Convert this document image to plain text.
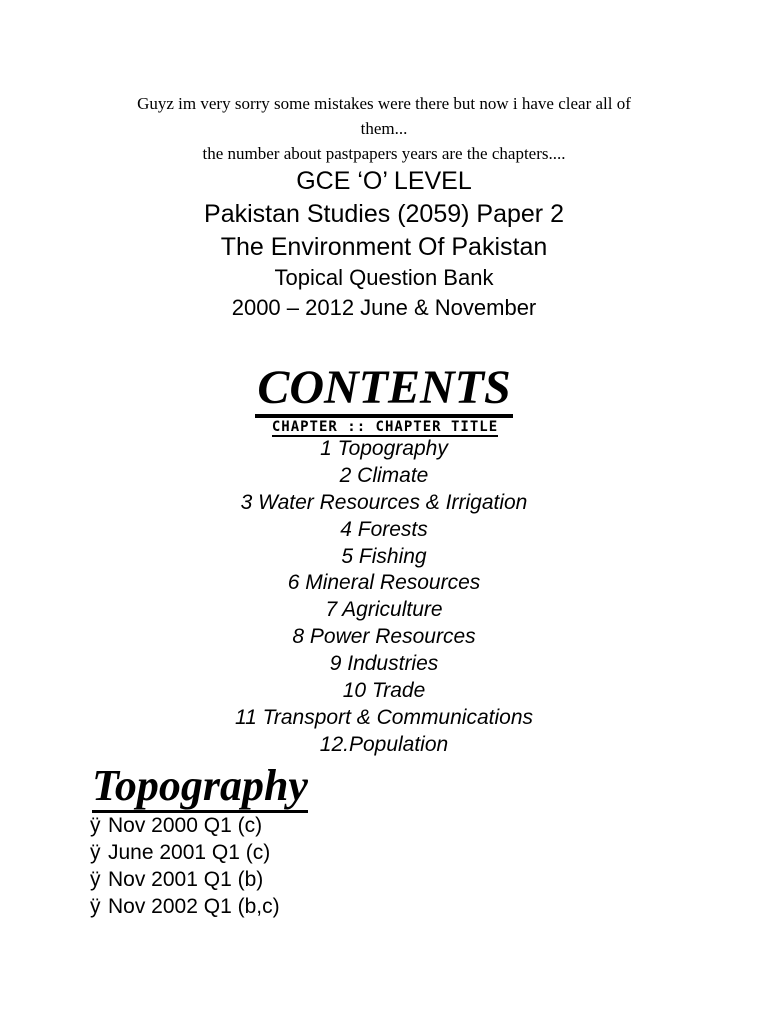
Guyz im very sorry some mistakes were there but now i have clear all of
them...
the number about pastpapers years are the chapters....
GCE ‘O’ LEVEL
Pakistan Studies (2059) Paper 2
The Environment Of Pakistan
Topical Question Bank
2000 – 2012 June & November
CONTENTS
CHAPTER :: CHAPTER TITLE
1 Topography
2 Climate
3 Water Resources & Irrigation
4 Forests
5 Fishing
6 Mineral Resources
7 Agriculture
8 Power Resources
9 Industries
10 Trade
11 Transport & Communications
12.Population
Topography
ÿ Nov 2000 Q1 (c)
ÿ June 2001 Q1 (c)
ÿ Nov 2001 Q1 (b)
ÿ Nov 2002 Q1 (b,c)
